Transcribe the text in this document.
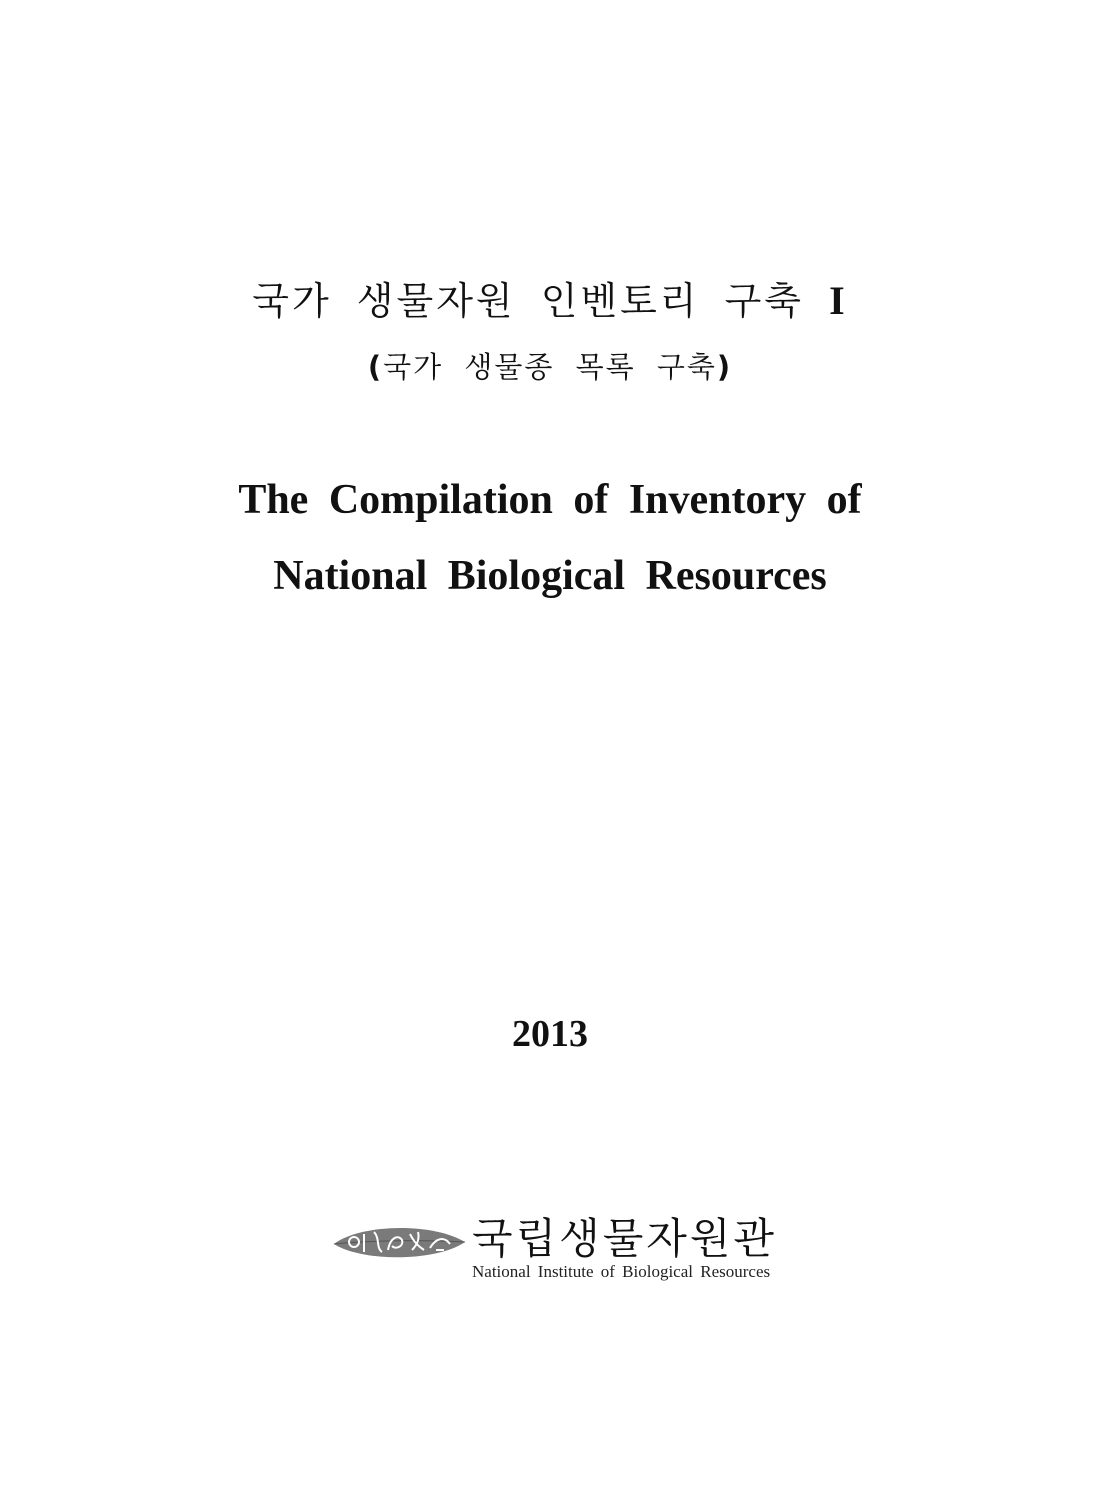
국가 생물자원 인벤토리 구축 I
(국가 생물종 목록 구축)
The Compilation of Inventory of
National Biological Resources
2013
국립생물자원관
National Institute of Biological Resources
